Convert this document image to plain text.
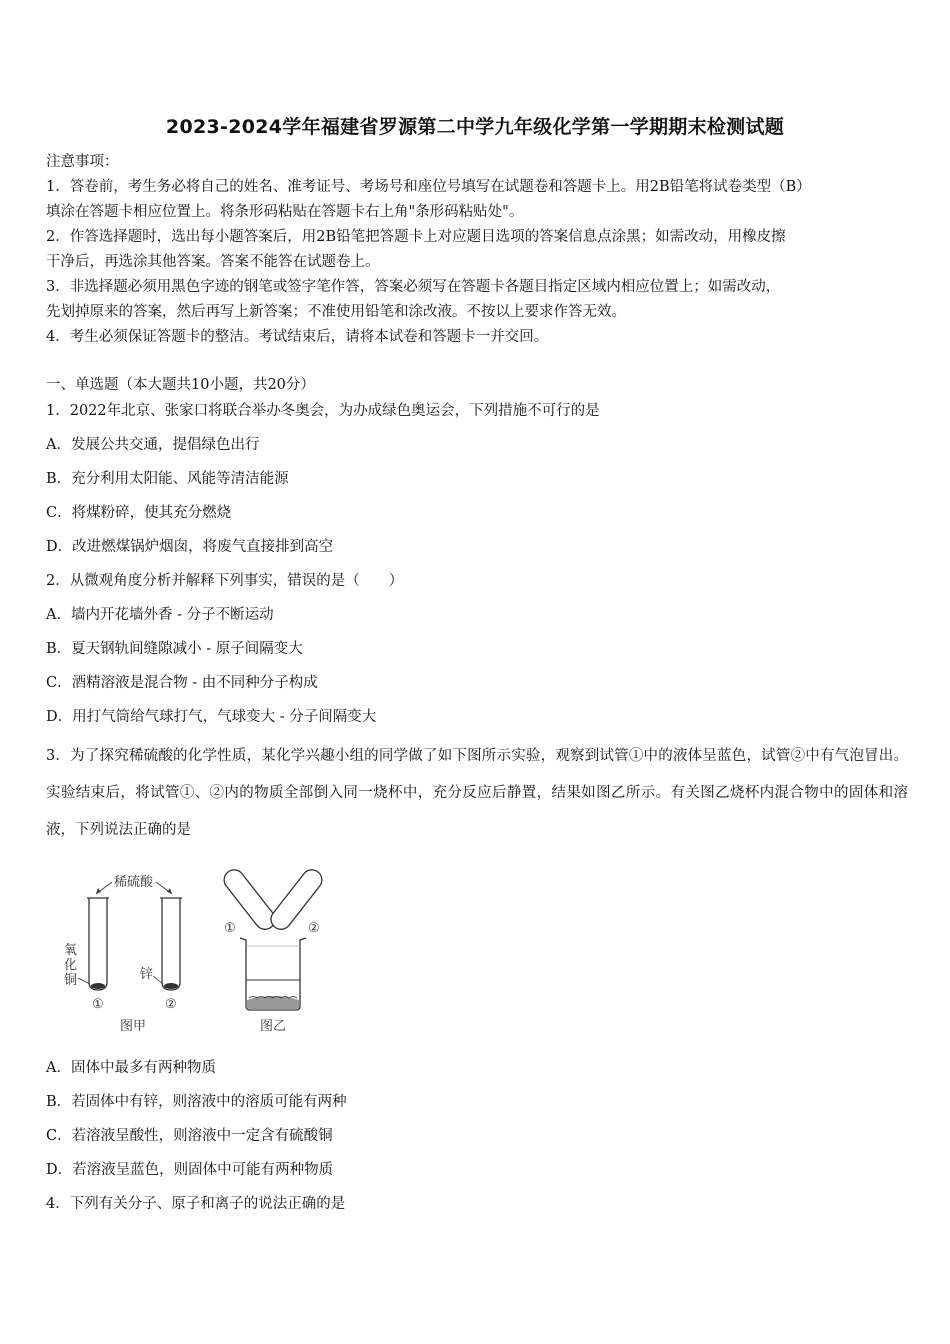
2023-2024学年福建省罗源第二中学九年级化学第一学期期末检测试题

注意事项：

1．答卷前，考生务必将自己的姓名、准考证号、考场号和座位号填写在试题卷和答题卡上。用2B铅笔将试卷类型（B）

填涂在答题卡相应位置上。将条形码粘贴在答题卡右上角"条形码粘贴处"。

2．作答选择题时，选出每小题答案后，用2B铅笔把答题卡上对应题目选项的答案信息点涂黑；如需改动，用橡皮擦

干净后，再选涂其他答案。答案不能答在试题卷上。

3．非选择题必须用黑色字迹的钢笔或签字笔作答，答案必须写在答题卡各题目指定区域内相应位置上；如需改动，

先划掉原来的答案，然后再写上新答案；不准使用铅笔和涂改液。不按以上要求作答无效。

4．考生必须保证答题卡的整洁。考试结束后，请将本试卷和答题卡一并交回。

一、单选题（本大题共10小题，共20分）
1．2022年北京、张家口将联合举办冬奥会，为办成绿色奥运会，下列措施不可行的是
A．发展公共交通，提倡绿色出行
B．充分利用太阳能、风能等清洁能源
C．将煤粉碎，使其充分燃烧
D．改进燃煤锅炉烟囱，将废气直接排到高空
2．从微观角度分析并解释下列事实，错误的是（　　）
A．墙内开花墙外香 - 分子不断运动
B．夏天钢轨间缝隙减小 - 原子间隔变大
C．酒精溶液是混合物 - 由不同种分子构成
D．用打气筒给气球打气，气球变大 - 分子间隔变大
3．为了探究稀硫酸的化学性质，某化学兴趣小组的同学做了如下图所示实验，观察到试管①中的液体呈蓝色，试管②中有气泡冒出。实验结束后，将试管①、②内的物质全部倒入同一烧杯中，充分反应后静置，结果如图乙所示。有关图乙烧杯内混合物中的固体和溶液，下列说法正确的是
稀硫酸
氧
化
铜	锌
①	②
图甲
①	②
图乙
A．固体中最多有两种物质
B．若固体中有锌，则溶液中的溶质可能有两种
C．若溶液呈酸性，则溶液中一定含有硫酸铜
D．若溶液呈蓝色，则固体中可能有两种物质
4．下列有关分子、原子和离子的说法正确的是
